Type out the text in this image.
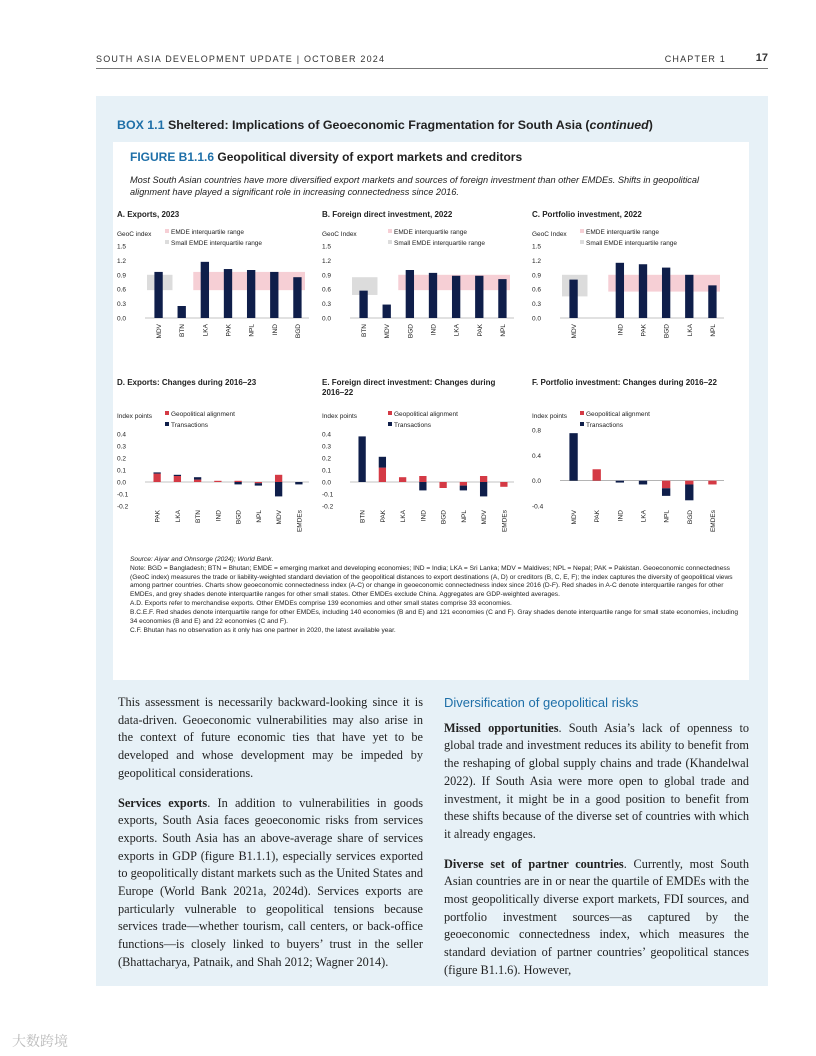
SOUTH ASIA DEVELOPMENT UPDATE | OCTOBER 2024	CHAPTER 1	17
BOX 1.1 Sheltered: Implications of Geoeconomic Fragmentation for South Asia (continued)
FIGURE B1.1.6 Geopolitical diversity of export markets and creditors
Most South Asian countries have more diversified export markets and sources of foreign investment than other EMDEs. Shifts in geopolitical alignment have played a significant role in increasing connectedness since 2016.
A. Exports, 2023
GeoC index
1.5
1.2
0.9
0.6
0.3
0.0
EMDE interquartile range
Small EMDE interquartile range
MDV BTN LKA PAK NPL IND BGD
B. Foreign direct investment, 2022
GeoC Index
1.5
1.2
0.9
0.6
0.3
0.0
EMDE interquartile range
Small EMDE interquartile range
BTN MDV BGD IND LKA PAK NPL
C. Portfolio investment, 2022
GeoC Index
1.5
1.2
0.9
0.6
0.3
0.0
EMDE interquartile range
Small EMDE interquartile range
MDV	IND PAK BGD LKA NPL
D. Exports: Changes during 2016–23
Index points
0.4
0.3
0.2
0.1
0.0
-0.1
-0.2
Geopolitical alignment
Transactions
PAK LKA BTN IND BGD NPL MDV EMDEs
E. Foreign direct investment: Changes during 2016–22
Index points
0.4
0.3
0.2
0.1
0.0
-0.1
-0.2
Geopolitical alignment
Transactions
BTN PAK LKA IND BGD NPL MDV EMDEs
F. Portfolio investment: Changes during 2016–22
Index points
0.8
0.4
0.0
-0.4
Geopolitical alignment
Transactions
MDV PAK IND LKA NPL BGD EMDEs

Source: Aiyar and Ohnsorge (2024); World Bank.

Note: BGD = Bangladesh; BTN = Bhutan; EMDE = emerging market and developing economies; IND = India; LKA = Sri Lanka; MDV = Maldives; NPL = Nepal; PAK = Pakistan. Geoeconomic connectedness (GeoC index) measures the trade or liability-weighted standard deviation of the geopolitical distances to export destinations (A, D) or creditors (B, C, E, F); the index captures the diversity of geopolitical views among partner countries. Charts show geoeconomic connectedness index (A-C) or change in geoeconomic connectedness index since 2016 (D-F). Red shades in A-C denote interquartile ranges for other EMDEs, and grey shades denote interquartile ranges for other small states. Other EMDEs exclude China. Aggregates are GDP-weighted averages.

A.D. Exports refer to merchandise exports. Other EMDEs comprise 139 economies and other small states comprise 33 economies.

B.C.E.F. Red shades denote interquartile range for other EMDEs, including 140 economies (B and E) and 121 economies (C and F). Gray shades denote interquartile range for small state economies, including 34 economies (B and E) and 22 economies (C and F).

C.F. Bhutan has no observation as it only has one partner in 2020, the latest available year.

This assessment is necessarily backward-looking since it is data-driven. Geoeconomic vulnerabilities may also arise in the context of future economic ties that have yet to be developed and whose development may be impeded by geopolitical considerations.

Services exports. In addition to vulnerabilities in goods exports, South Asia faces geoeconomic risks from services exports. South Asia has an above-average share of services exports in GDP (figure B1.1.1), especially services exported to geopolitically distant markets such as the United States and Europe (World Bank 2021a, 2024d). Services exports are particularly vulnerable to geopolitical tensions because services trade—whether tourism, call centers, or back-office functions—is closely linked to buyers’ trust in the seller (Bhattacharya, Patnaik, and Shah 2012; Wagner 2014).

Diversification of geopolitical risks

Missed opportunities. South Asia’s lack of openness to global trade and investment reduces its ability to benefit from the reshaping of global supply chains and trade (Khandelwal 2022). If South Asia were more open to global trade and investment, it might be in a good position to benefit from these shifts because of the diverse set of countries with which it already engages.

Diverse set of partner countries. Currently, most South Asian countries are in or near the quartile of EMDEs with the most geopolitically diverse export markets, FDI sources, and portfolio investment sources—as captured by the geoeconomic connectedness index, which measures the standard deviation of partner countries’ geopolitical stances (figure B1.1.6). However,

大数跨境
